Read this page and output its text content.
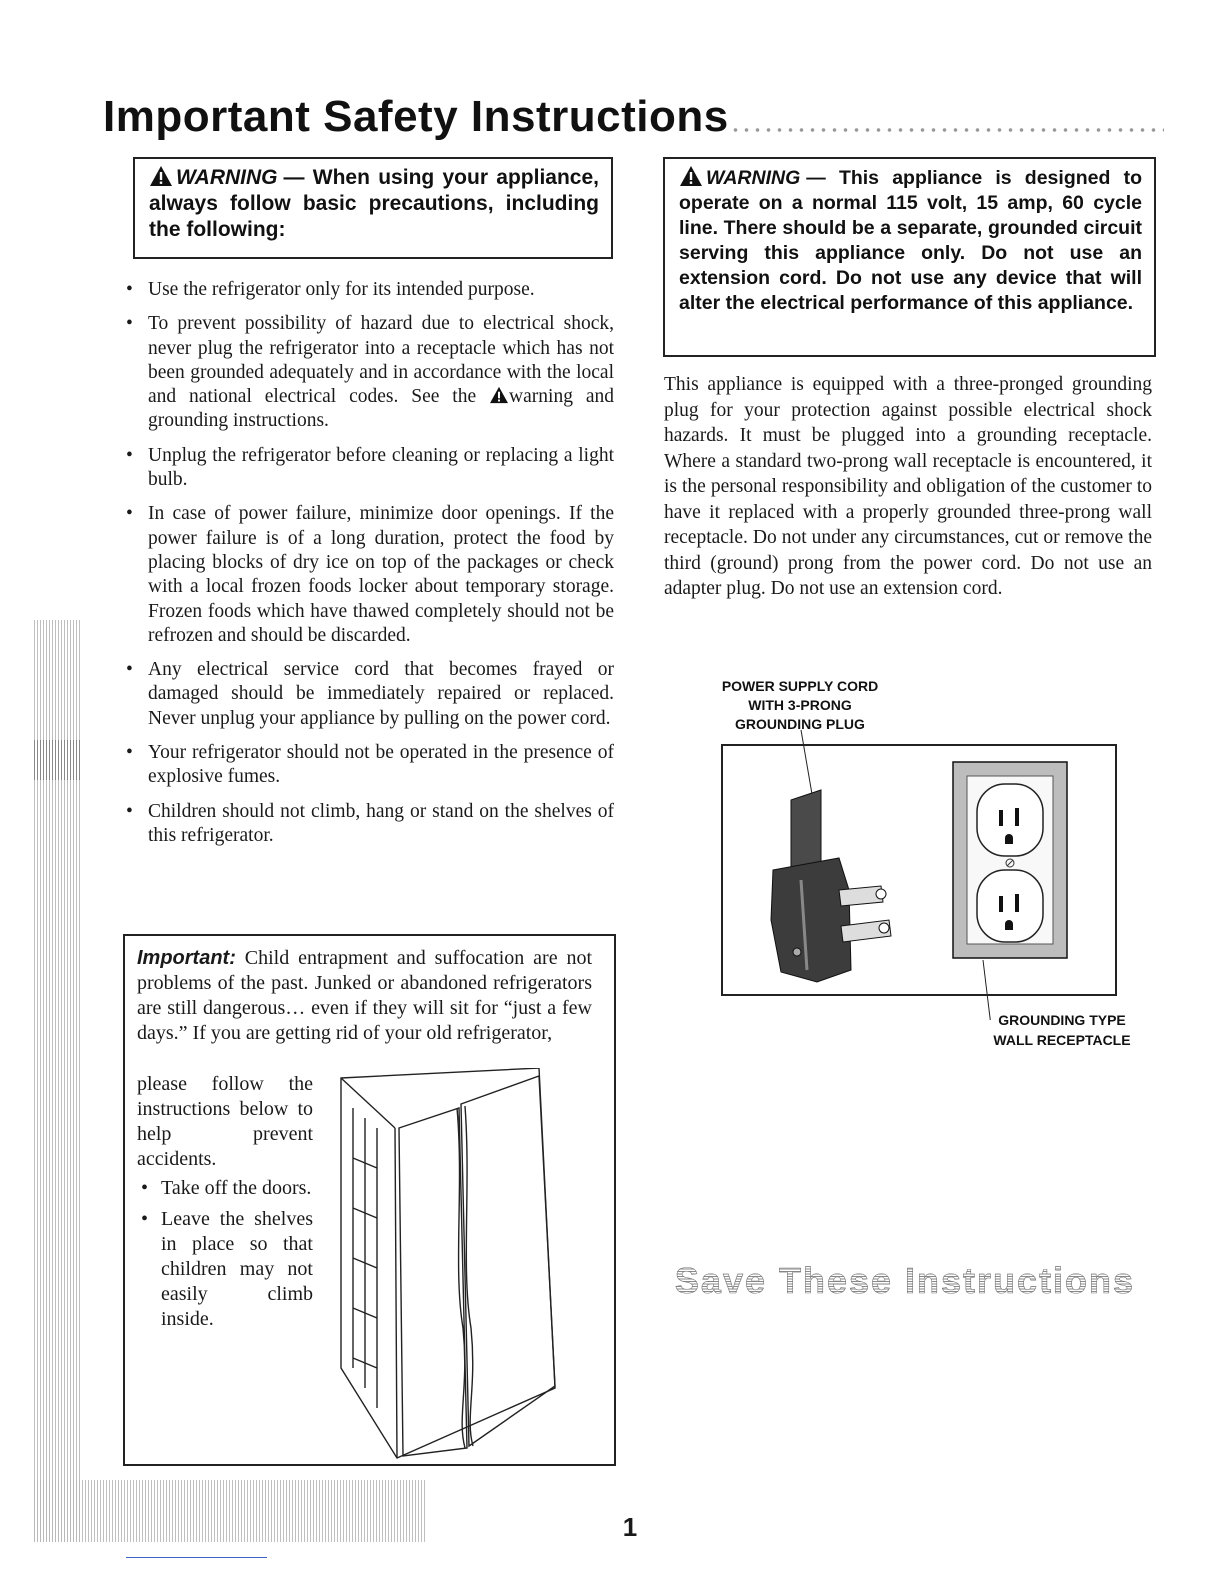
Important Safety Instructions
WARNING — When using your appliance, always follow basic precautions, including the following:
• Use the refrigerator only for its intended purpose.
• To prevent possibility of hazard due to electrical shock, never plug the refrigerator into a receptacle which has not been grounded adequately and in accordance with the local and national electrical codes. See the warning and grounding instructions.
• Unplug the refrigerator before cleaning or replacing a light bulb.
• In case of power failure, minimize door openings. If the power failure is of a long duration, protect the food by placing blocks of dry ice on top of the packages or check with a local frozen foods locker about temporary storage. Frozen foods which have thawed completely should not be refrozen and should be discarded.
• Any electrical service cord that becomes frayed or damaged should be immediately repaired or replaced. Never unplug your appliance by pulling on the power cord.
• Your refrigerator should not be operated in the presence of explosive fumes.
• Children should not climb, hang or stand on the shelves of this refrigerator.
Important: Child entrapment and suffocation are not problems of the past. Junked or abandoned refrigerators are still dangerous… even if they will sit for “just a few days.” If you are getting rid of your old refrigerator,
please follow the instructions below to help prevent accidents.
• Take off the doors.
• Leave the shelves in place so that children may not easily climb inside.
WARNING — This appliance is designed to operate on a normal 115 volt, 15 amp, 60 cycle line. There should be a separate, grounded circuit serving this appliance only. Do not use an extension cord. Do not use any device that will alter the electrical performance of this appliance.
This appliance is equipped with a three-pronged grounding plug for your protection against possible electrical shock hazards. It must be plugged into a grounding receptacle. Where a standard two-prong wall receptacle is encountered, it is the personal responsibility and obligation of the customer to have it replaced with a properly grounded three-prong wall receptacle. Do not under any circumstances, cut or remove the third (ground) prong from the power cord. Do not use an adapter plug. Do not use an extension cord.
POWER SUPPLY CORD
WITH 3-PRONG
GROUNDING PLUG
GROUNDING TYPE
WALL RECEPTACLE
Save These Instructions
1
